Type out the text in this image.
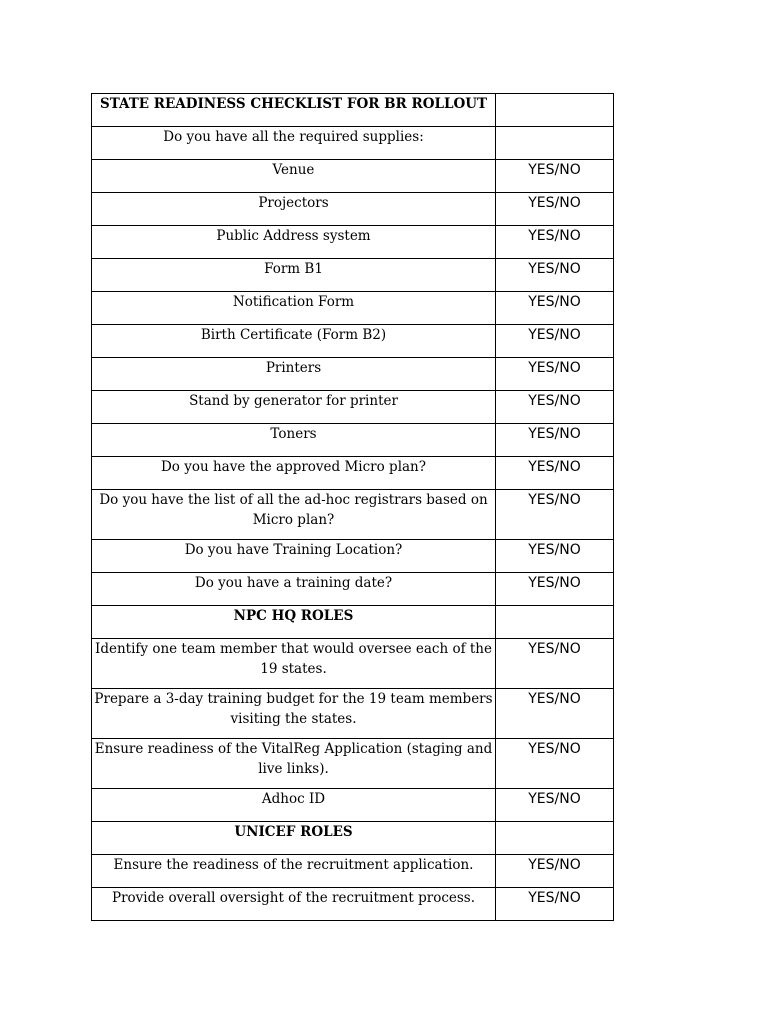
STATE READINESS CHECKLIST FOR BR ROLLOUT	
Do you have all the required supplies:	
Venue	YES/NO
Projectors	YES/NO
Public Address system	YES/NO
Form B1	YES/NO
Notification Form	YES/NO
Birth Certificate (Form B2)	YES/NO
Printers	YES/NO
Stand by generator for printer	YES/NO
Toners	YES/NO
Do you have the approved Micro plan?	YES/NO
Do you have the list of all the ad-hoc registrars based on Micro plan?	YES/NO
Do you have Training Location?	YES/NO
Do you have a training date?	YES/NO
NPC HQ ROLES	
Identify one team member that would oversee each of the 19 states.	YES/NO
Prepare a 3-day training budget for the 19 team members visiting the states.	YES/NO
Ensure readiness of the VitalReg Application (staging and live links).	YES/NO
Adhoc ID	YES/NO
UNICEF ROLES	
Ensure the readiness of the recruitment application.	YES/NO
Provide overall oversight of the recruitment process.	YES/NO
